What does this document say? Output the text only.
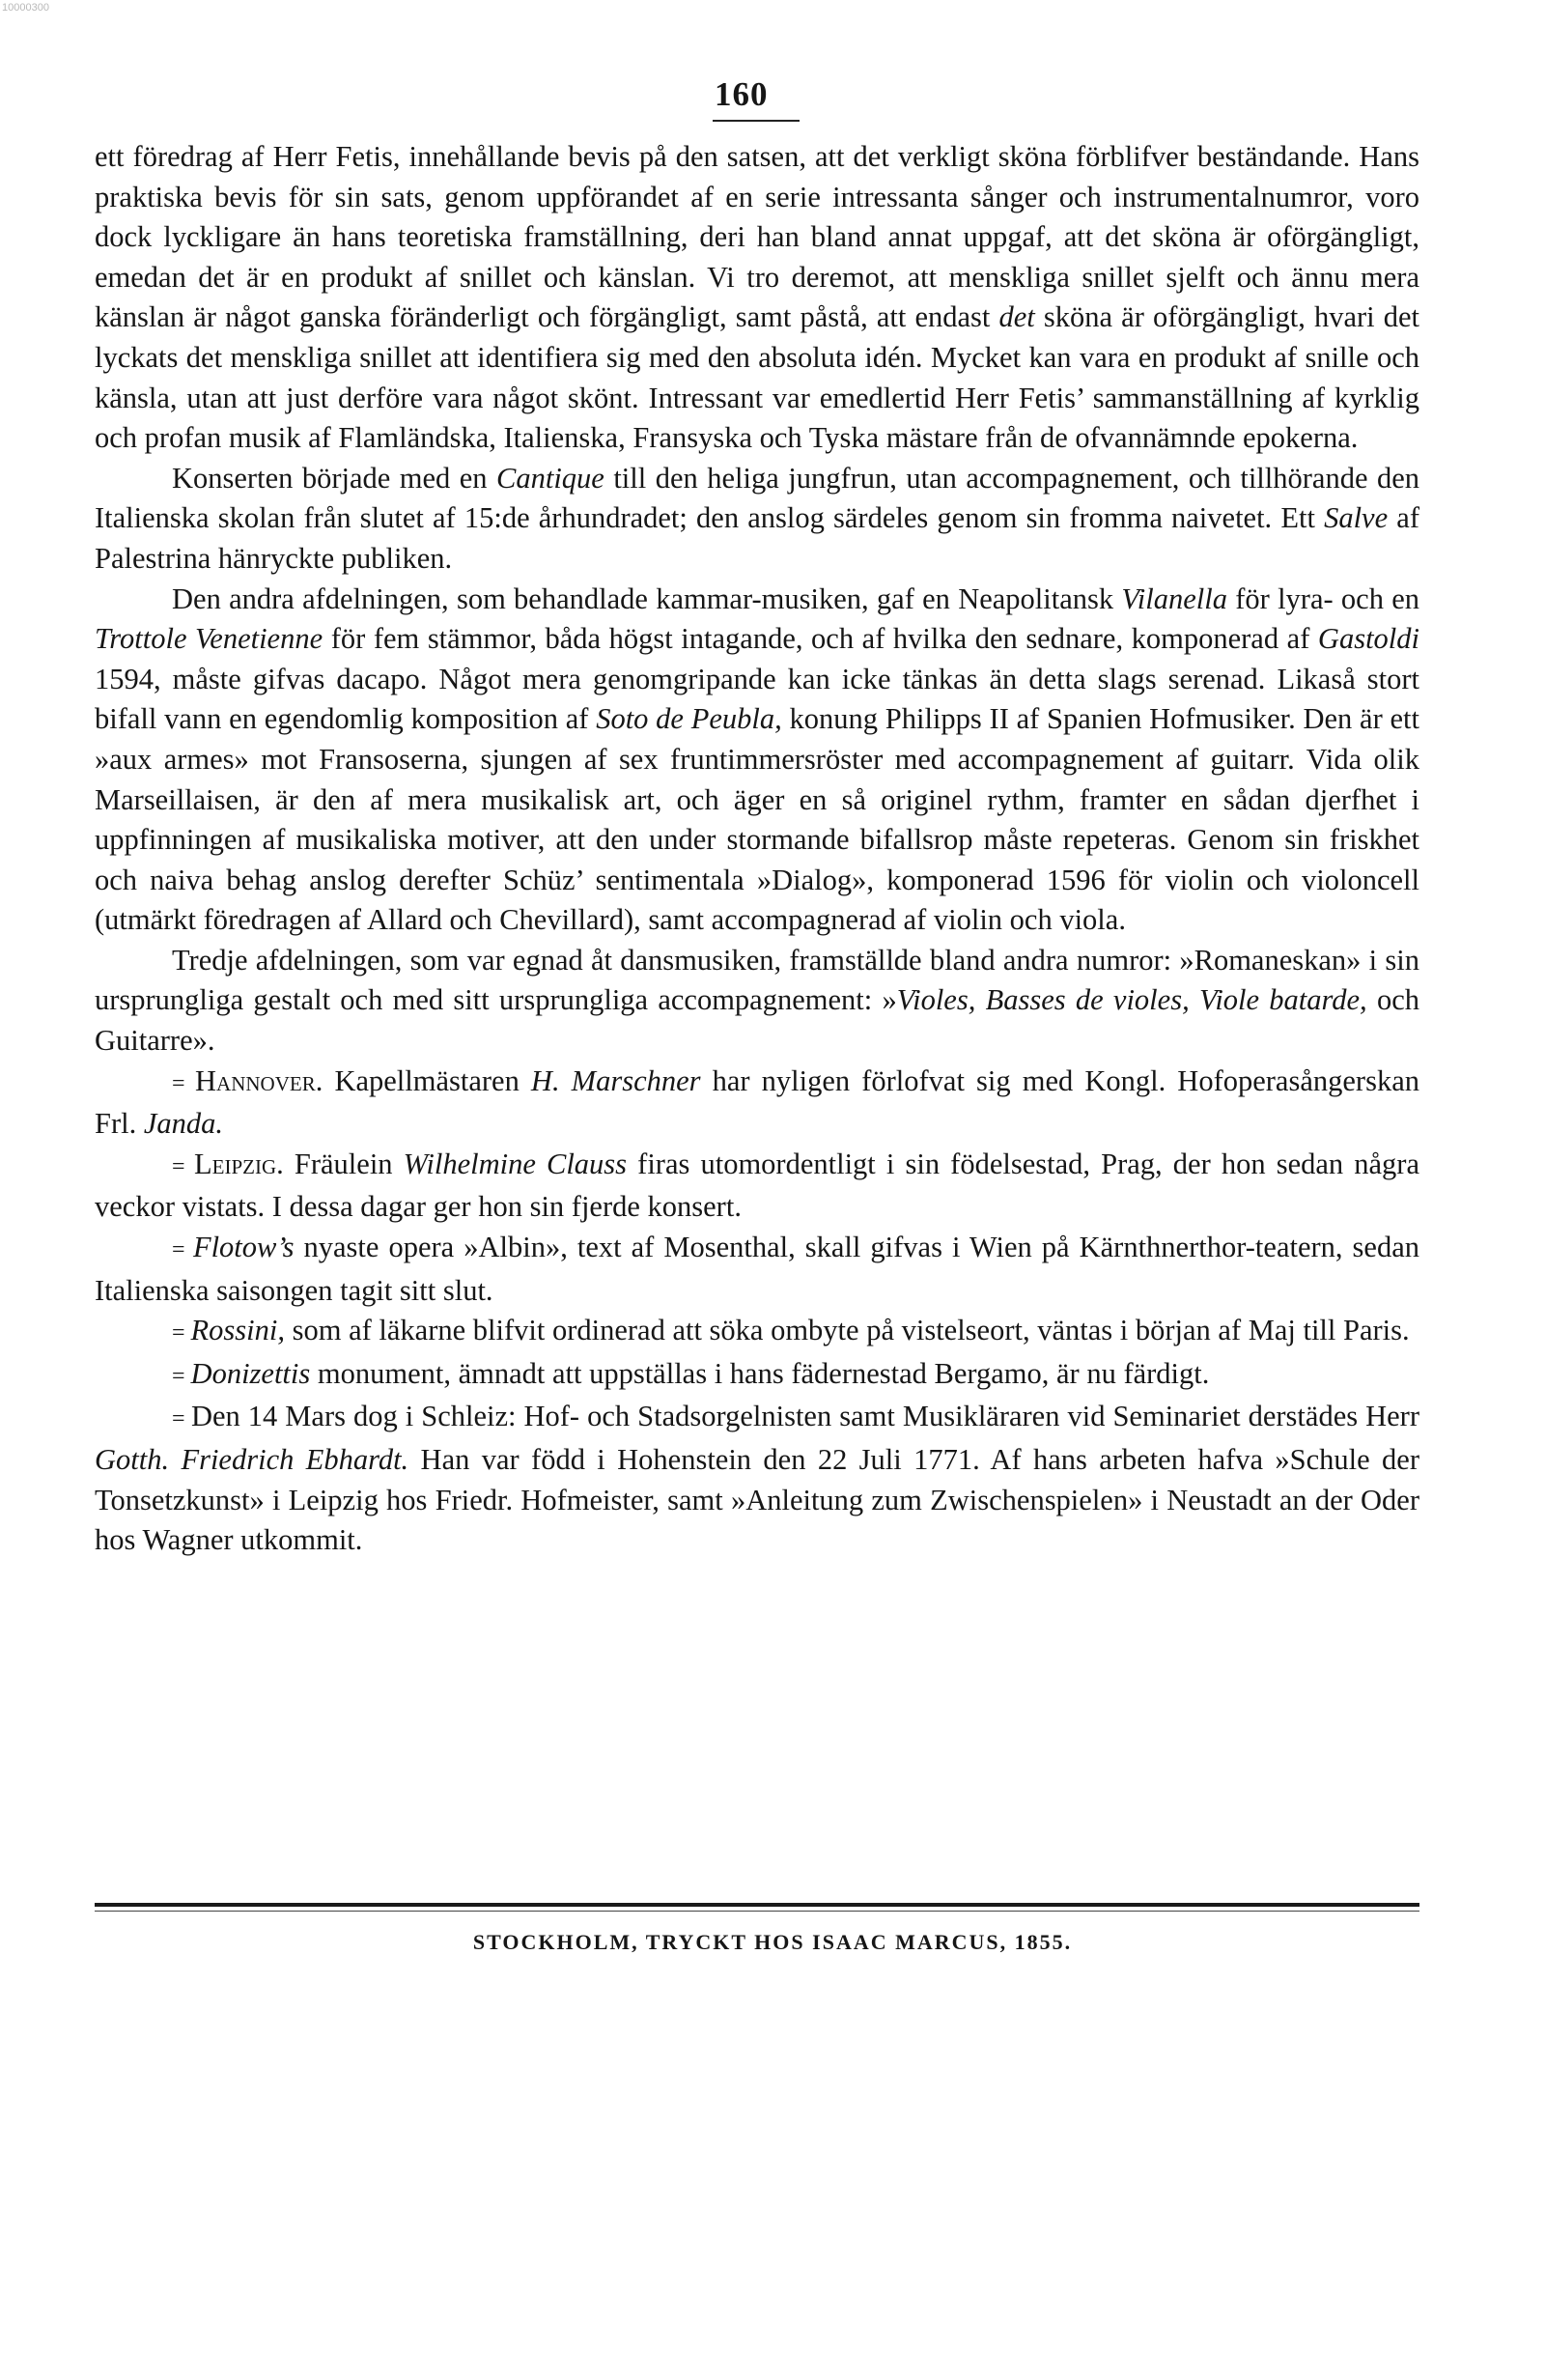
10000300
160

ett föredrag af Herr Fetis, innehållande bevis på den satsen, att det verkligt sköna förblifver beständande. Hans praktiska bevis för sin sats, genom uppförandet af en serie intressanta sånger och instrumentalnumror, voro dock lyckligare än hans teoretiska framställning, deri han bland annat uppgaf, att det sköna är oförgängligt, emedan det är en produkt af snillet och känslan. Vi tro deremot, att menskliga snillet sjelft och ännu mera känslan är något ganska föränderligt och förgängligt, samt påstå, att endast det sköna är oförgängligt, hvari det lyckats det menskliga snillet att identifiera sig med den absoluta idén. Mycket kan vara en produkt af snille och känsla, utan att just derföre vara något skönt. Intressant var emedlertid Herr Fetis’ sammanställning af kyrklig och profan musik af Flamländska, Italienska, Fransyska och Tyska mästare från de ofvannämnde epokerna.

Konserten började med en Cantique till den heliga jungfrun, utan accompagnement, och tillhörande den Italienska skolan från slutet af 15:de århundradet; den anslog särdeles genom sin fromma naivetet. Ett Salve af Palestrina hänryckte publiken.

Den andra afdelningen, som behandlade kammar-musiken, gaf en Neapolitansk Vilanella för lyra- och en Trottole Venetienne för fem stämmor, båda högst intagande, och af hvilka den sednare, komponerad af Gastoldi 1594, måste gifvas dacapo. Något mera genomgripande kan icke tänkas än detta slags serenad. Likaså stort bifall vann en egendomlig komposition af Soto de Peubla, konung Philipps II af Spanien Hofmusiker. Den är ett »aux armes» mot Fransoserna, sjungen af sex fruntimmersröster med accompagnement af guitarr. Vida olik Marseillaisen, är den af mera musikalisk art, och äger en så originel rythm, framter en sådan djerfhet i uppfinningen af musikaliska motiver, att den under stormande bifallsrop måste repeteras. Genom sin friskhet och naiva behag anslog derefter Schüz’ sentimentala »Dialog», komponerad 1596 för violin och violoncell (utmärkt föredragen af Allard och Chevillard), samt accompagnerad af violin och viola.

Tredje afdelningen, som var egnad åt dansmusiken, framställde bland andra numror: »Romaneskan» i sin ursprungliga gestalt och med sitt ursprungliga accompagnement: »Violes, Basses de violes, Viole batarde, och Guitarre».

= Hannover. Kapellmästaren H. Marschner har nyligen förlofvat sig med Kongl. Hofoperasångerskan Frl. Janda.

= Leipzig. Fräulein Wilhelmine Clauss firas utomordentligt i sin födelsestad, Prag, der hon sedan några veckor vistats. I dessa dagar ger hon sin fjerde konsert.

= Flotow’s nyaste opera »Albin», text af Mosenthal, skall gifvas i Wien på Kärnthnerthor-teatern, sedan Italienska saisongen tagit sitt slut.

= Rossini, som af läkarne blifvit ordinerad att söka ombyte på vistelseort, väntas i början af Maj till Paris.

= Donizettis monument, ämnadt att uppställas i hans fädernestad Bergamo, är nu färdigt.

= Den 14 Mars dog i Schleiz: Hof- och Stadsorgelnisten samt Musikläraren vid Seminariet derstädes Herr Gotth. Friedrich Ebhardt. Han var född i Hohenstein den 22 Juli 1771. Af hans arbeten hafva »Schule der Tonsetzkunst» i Leipzig hos Friedr. Hofmeister, samt »Anleitung zum Zwischenspielen» i Neustadt an der Oder hos Wagner utkommit.

STOCKHOLM, TRYCKT HOS ISAAC MARCUS, 1855.
